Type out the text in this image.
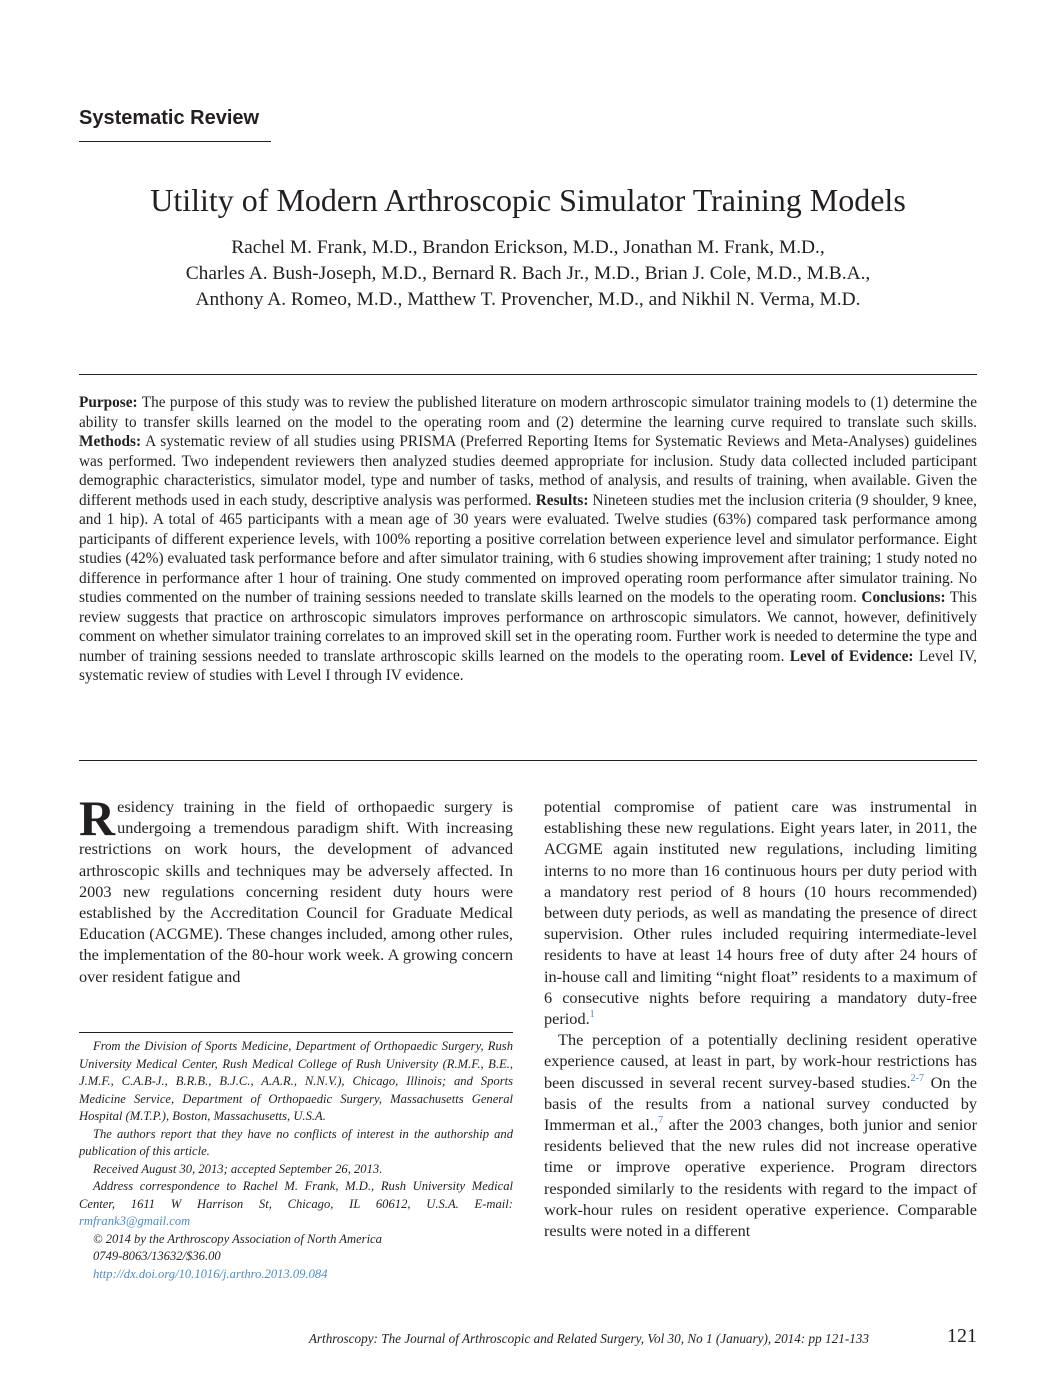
Systematic Review
Utility of Modern Arthroscopic Simulator Training Models
Rachel M. Frank, M.D., Brandon Erickson, M.D., Jonathan M. Frank, M.D.,
Charles A. Bush-Joseph, M.D., Bernard R. Bach Jr., M.D., Brian J. Cole, M.D., M.B.A.,
Anthony A. Romeo, M.D., Matthew T. Provencher, M.D., and Nikhil N. Verma, M.D.
Purpose: The purpose of this study was to review the published literature on modern arthroscopic simulator training models to (1) determine the ability to transfer skills learned on the model to the operating room and (2) determine the learning curve required to translate such skills. Methods: A systematic review of all studies using PRISMA (Preferred Reporting Items for Systematic Reviews and Meta-Analyses) guidelines was performed. Two independent reviewers then analyzed studies deemed appropriate for inclusion. Study data collected included participant demographic characteristics, simulator model, type and number of tasks, method of analysis, and results of training, when available. Given the different methods used in each study, descriptive analysis was performed. Results: Nineteen studies met the inclusion criteria (9 shoulder, 9 knee, and 1 hip). A total of 465 participants with a mean age of 30 years were evaluated. Twelve studies (63%) compared task performance among participants of different experience levels, with 100% reporting a positive correlation between experience level and simulator performance. Eight studies (42%) evaluated task performance before and after simulator training, with 6 studies showing improvement after training; 1 study noted no difference in performance after 1 hour of training. One study commented on improved operating room performance after simulator training. No studies commented on the number of training sessions needed to translate skills learned on the models to the operating room. Conclusions: This review suggests that practice on arthroscopic simulators improves performance on arthroscopic simulators. We cannot, however, definitively comment on whether simulator training correlates to an improved skill set in the operating room. Further work is needed to determine the type and number of training sessions needed to translate arthroscopic skills learned on the models to the operating room. Level of Evidence: Level IV, systematic review of studies with Level I through IV evidence.

Residency training in the field of orthopaedic surgery is undergoing a tremendous paradigm shift. With increasing restrictions on work hours, the development of advanced arthroscopic skills and techniques may be adversely affected. In 2003 new regulations concerning resident duty hours were established by the Accreditation Council for Graduate Medical Education (ACGME). These changes included, among other rules, the implementation of the 80-hour work week. A growing concern over resident fatigue and

potential compromise of patient care was instrumental in establishing these new regulations. Eight years later, in 2011, the ACGME again instituted new regulations, including limiting interns to no more than 16 continuous hours per duty period with a mandatory rest period of 8 hours (10 hours recommended) between duty periods, as well as mandating the presence of direct supervision. Other rules included requiring intermediate-level residents to have at least 14 hours free of duty after 24 hours of in-house call and limiting “night float” residents to a maximum of 6 consecutive nights before requiring a mandatory duty-free period.$^1$

The perception of a potentially declining resident operative experience caused, at least in part, by work-hour restrictions has been discussed in several recent survey-based studies.$^{2-7}$ On the basis of the results from a national survey conducted by Immerman et al.,$^7$ after the 2003 changes, both junior and senior residents believed that the new rules did not increase operative time or improve operative experience. Program directors responded similarly to the residents with regard to the impact of work-hour rules on resident operative experience. Comparable results were noted in a different

From the Division of Sports Medicine, Department of Orthopaedic Surgery, Rush University Medical Center, Rush Medical College of Rush University (R.M.F., B.E., J.M.F., C.A.B-J., B.R.B., B.J.C., A.A.R., N.N.V.), Chicago, Illinois; and Sports Medicine Service, Department of Orthopaedic Surgery, Massachusetts General Hospital (M.T.P.), Boston, Massachusetts, U.S.A.

The authors report that they have no conflicts of interest in the authorship and publication of this article.

Received August 30, 2013; accepted September 26, 2013.

Address correspondence to Rachel M. Frank, M.D., Rush University Medical Center, 1611 W Harrison St, Chicago, IL 60612, U.S.A. E-mail: rmfrank3@gmail.com

© 2014 by the Arthroscopy Association of North America

0749-8063/13632/$36.00

http://dx.doi.org/10.1016/j.arthro.2013.09.084

Arthroscopy: The Journal of Arthroscopic and Related Surgery, Vol 30, No 1 (January), 2014: pp 121-133	121
